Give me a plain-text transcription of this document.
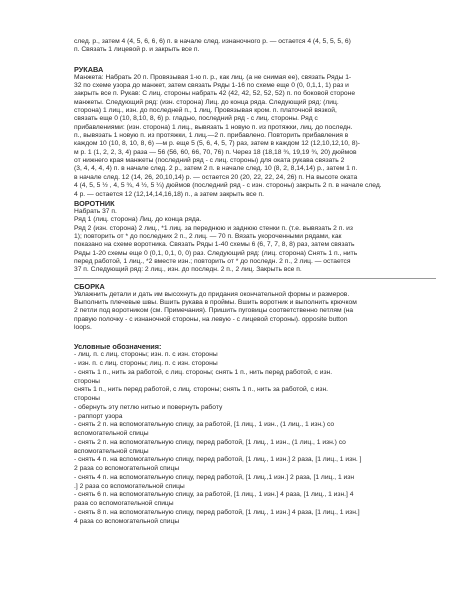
след. р., затем 4 (4, 5, 6, 6, 6) п. в начале след. изнаночного р. — остается 4 (4, 5, 5, 5, 6)
п. Связать 1 лицевой р. и закрыть все п.
РУКАВА
Манжета: Набрать 20 п. Провязывая 1-ю п. р., как лиц. (а не снимая ее), связать Ряды 1-
32 по схеме узора до манжет, затем связать Ряды 1-16 по схеме еще 0 (0, 0,1,1, 1) раз и
закрыть все п. Рукав: С лиц. стороны набрать 42 (42, 42, 52, 52, 52) п. по боковой стороне
манжеты. Следующий ряд: (изн. сторона) Лиц. до конца ряда. Следующий ряд: (лиц.
сторона) 1 лиц., изн. до последней п., 1 лиц. Провязывая кром. п. платочной вязкой,
связать еще 0 (10, 8,10, 8, 6) р. гладью, последний ряд - с лиц. стороны. Ряд с
прибавлениями: (изн. сторона) 1 лиц., вывязать 1 новую п. из протяжки, лиц. до последн.
п., вывязать 1 новую п. из протяжки, 1 лиц.—2 п. прибавлено. Повторить прибавления в
каждом 10 (10, 8, 10, 8, 6) —м р. еще 5 (5, 6, 4, 5, 7) раз, затем в каждом 12 (12,10,12,10, 8)-
м р. 1 (1, 2, 2, 3, 4) раза — 56 (56, 60, 66, 70, 76) п. Через 18 (18,18 ¾, 19,19 ¾, 20) дюймов
от нижнего края манжеты (последний ряд - с лиц. стороны) для оката рукава связать 2
(3, 4, 4, 4, 4) п. в начале след. 2 р., затем 2 п. в начале след. 10 (8, 2, 8,14,14) р., затем 1 п.
в начале след. 12 (14, 26, 20,10,14) р. — остается 20 (20, 22, 22, 24, 26) п. На высоте оката
4 (4, 5, 5 ½ , 4, 5 ¾, 4 ½, 5 ¼) дюймов (последний ряд - с изн. стороны) закрыть 2 п. в начале след.
4 р. — остается 12 (12,14,14,16,18) п., а затем закрыть все п.
ВОРОТНИК
Набрать 37 п.
Ряд 1 (лиц. сторона) Лиц. до конца ряда.
Ряд 2 (изн. сторона) 2 лиц., *1 лиц. за переднюю и заднюю стенки п. (т.е. вывязать 2 п. из
1); повторить от * до последних 2 п., 2 лиц. — 70 п. Вязать укороченными рядами, как
показано на схеме воротника. Связать Ряды 1-40 схемы 6 (6, 7, 7, 8, 8) раз, затем связать
Ряды 1-20 схемы еще 0 (0,1, 0,1, 0, 0) раз. Следующий ряд: (лиц. сторона) Снять 1 п., нить
перед работой, 1 лиц., *2 вместе изн.; повторить от * до последн. 2 п., 2 лиц. — остается
37 п. Следующий ряд: 2 лиц., изн. до последн. 2 п., 2 лиц. Закрыть все п.
СБОРКА
Увлажнить детали и дать им высохнуть до придания окончательной формы и размеров.
Выполнить плечевые швы. Вшить рукава в проймы. Вшить воротник и выполнить крючком
2 петли под воротником (см. Примечания). Пришить пуговицы соответственно петлям (на
правую полочку - с изнаночной стороны, на левую - с лицевой стороны). opposite button
loops.
Условные обозначения:
- лиц. п. с лиц. стороны; изн. п. с изн. стороны
- изн. п. с лиц. стороны; лиц. п. с изн. стороны
- снять 1 п., нить за работой, с лиц. стороны; снять 1 п., нить перед работой, с изн.
стороны
снять 1 п., нить перед работой, с лиц. стороны; снять 1 п., нить за работой, с изн.
стороны
- обернуть эту петлю нитью и повернуть работу
- раппорт узора
- снять 2 п. на вспомогательную спицу, за работой, [1 лиц., 1 изн., (1 лиц., 1 изн.) со
вспомогательной спицы
- снять 2 п. на вспомогательную спицу, перед работой, [1 лиц., 1 изн., (1 лиц., 1 изн.) со
вспомогательной спицы
- снять 4 п. на вспомогательную спицу, перед работой, [1 лиц., 1 изн.] 2 раза, [1 лиц., 1 изн. ]
2 раза со вспомогательной спицы
- снять 4 п. на вспомогательную спицу, перед работой, [1 лиц.,1 изн.] 2 раза, [1 лиц., 1 изн
.] 2 раза со вспомогательной спицы
- снять 6 п. на вспомогательную спицу, за работой, [1 лиц., 1 изн.] 4 раза, [1 лиц., 1 изн.] 4
раза со вспомогательной спицы
- снять 8 п. на вспомогательную спицу, перед работой, [1 лиц., 1 изн.] 4 раза, [1 лиц., 1 изн.]
4 раза со вспомогательной спицы
